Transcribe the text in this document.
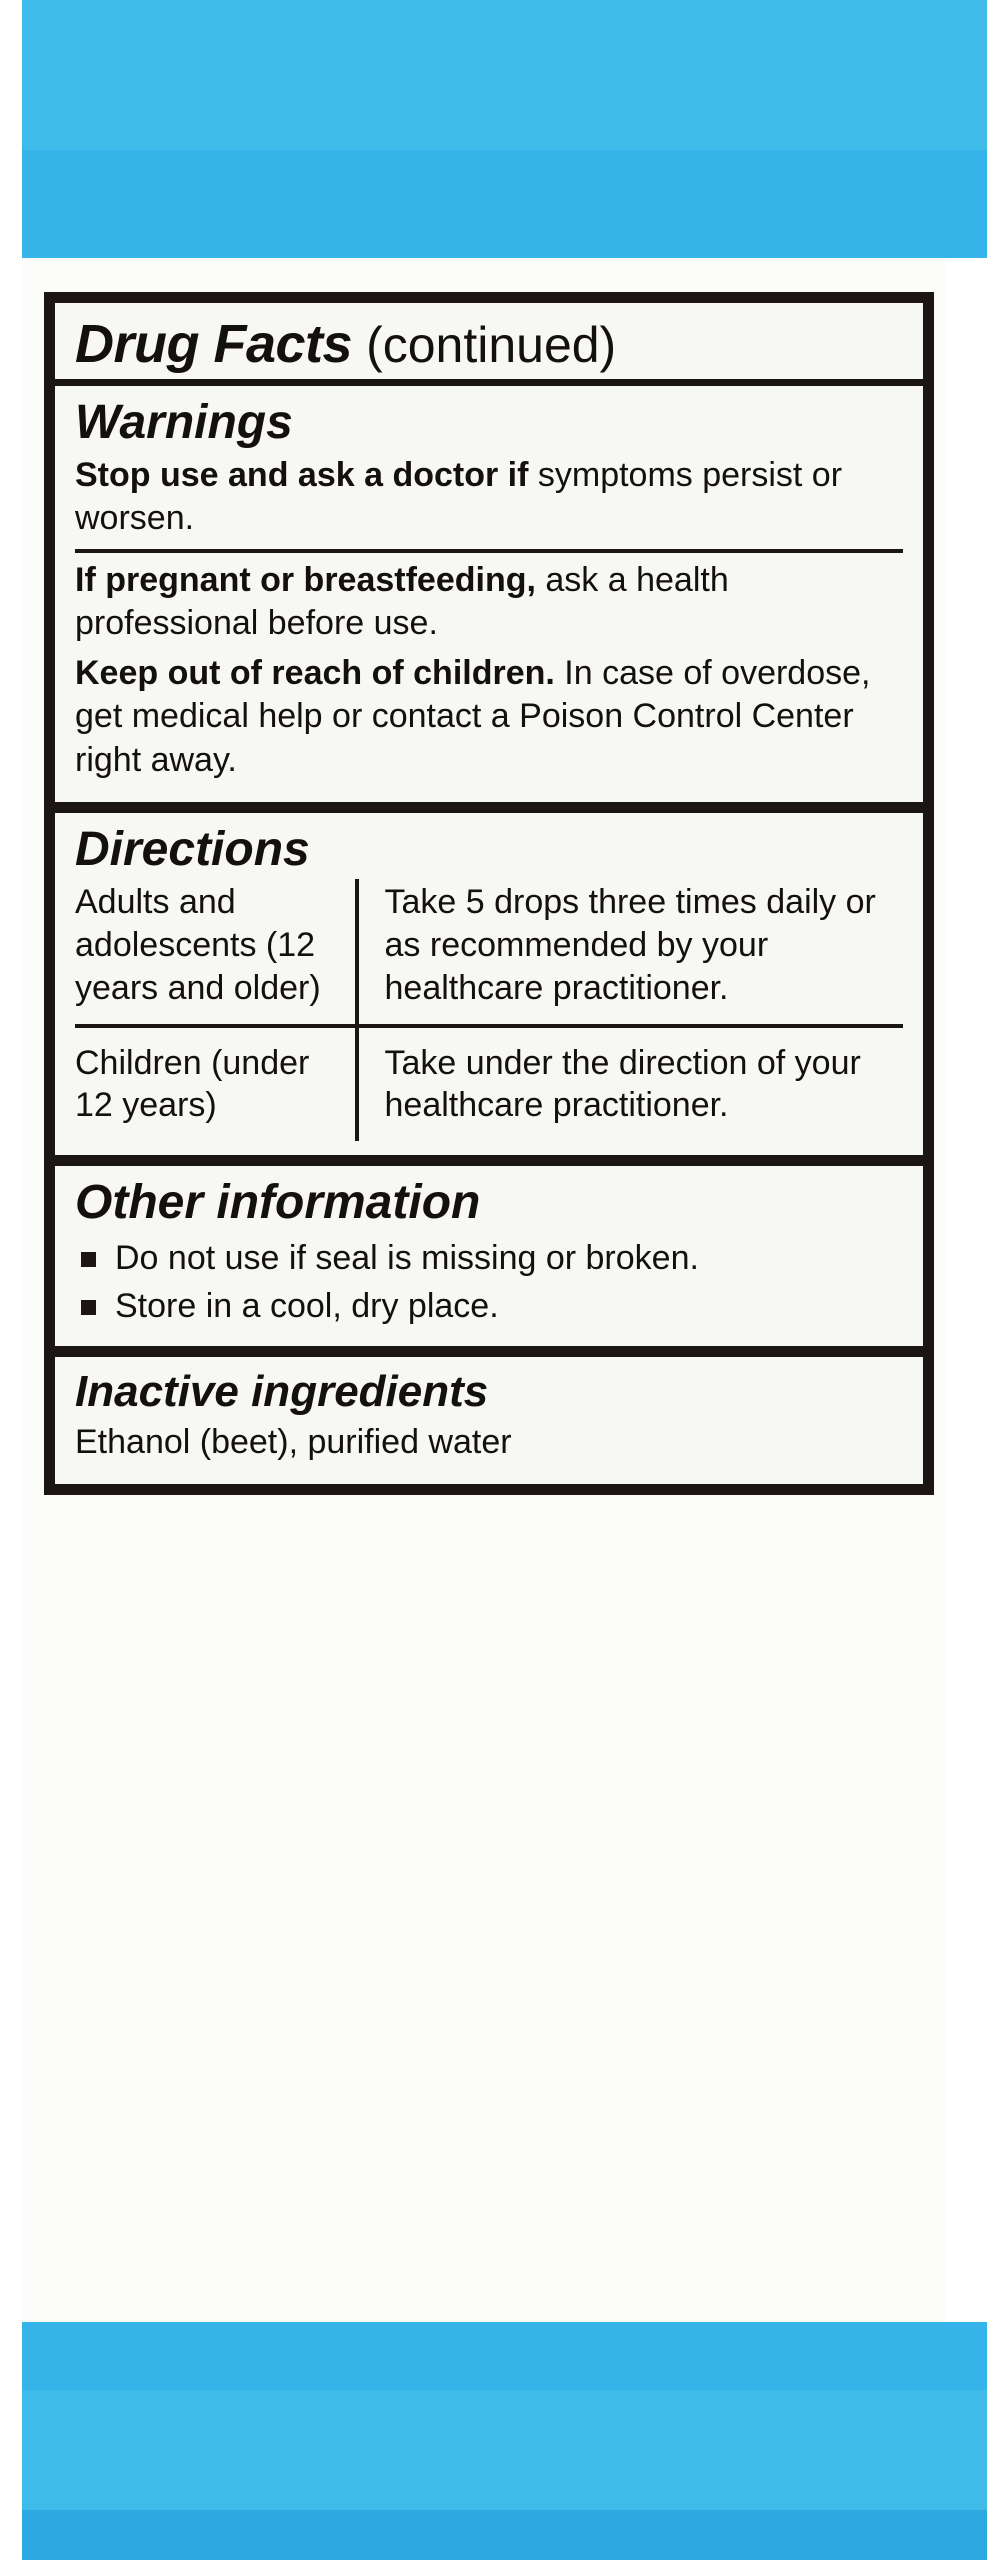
Drug Facts (continued)
Warnings
Stop use and ask a doctor if symptoms persist or worsen.
If pregnant or breastfeeding, ask a health professional before use.
Keep out of reach of children. In case of overdose, get medical help or contact a Poison Control Center right away.
Directions
Adults and adolescents (12 years and older)	Take 5 drops three times daily or as recommended by your healthcare practitioner.
Children (under 12 years)	Take under the direction of your healthcare practitioner.
Other information
Do not use if seal is missing or broken.
Store in a cool, dry place.
Inactive ingredients
Ethanol (beet), purified water
